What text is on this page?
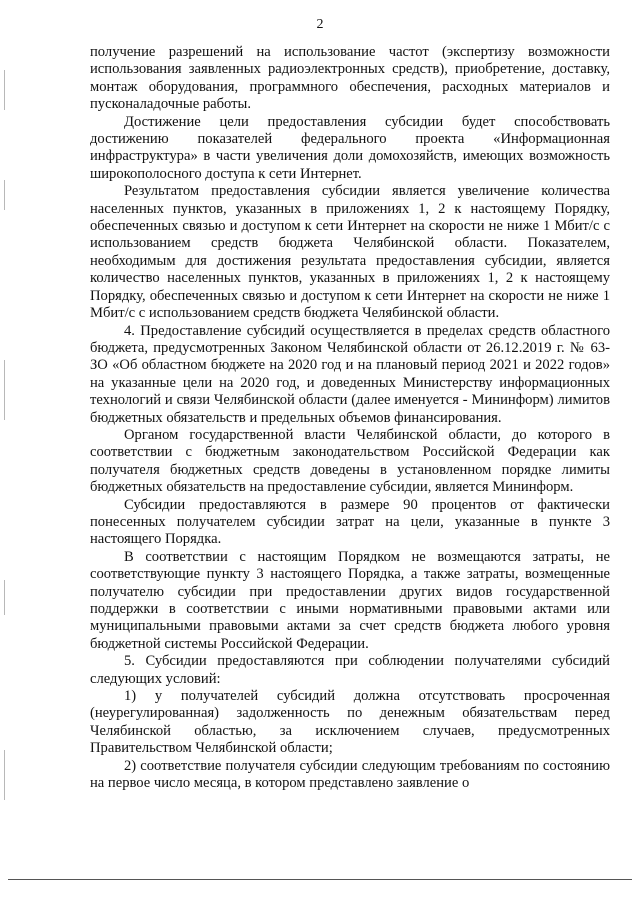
2

получение разрешений на использование частот (экспертизу возможности использования заявленных радиоэлектронных средств), приобретение, доставку, монтаж оборудования, программного обеспечения, расходных материалов и пусконаладочные работы.

Достижение цели предоставления субсидии будет способствовать достижению показателей федерального проекта «Информационная инфраструктура» в части увеличения доли домохозяйств, имеющих возможность широкополосного доступа к сети Интернет.

Результатом предоставления субсидии является увеличение количества населенных пунктов, указанных в приложениях 1, 2 к настоящему Порядку, обеспеченных связью и доступом к сети Интернет на скорости не ниже 1 Мбит/с с использованием средств бюджета Челябинской области. Показателем, необходимым для достижения результата предоставления субсидии, является количество населенных пунктов, указанных в приложениях 1, 2 к настоящему Порядку, обеспеченных связью и доступом к сети Интернет на скорости не ниже 1 Мбит/с с использованием средств бюджета Челябинской области.

4. Предоставление субсидий осуществляется в пределах средств областного бюджета, предусмотренных Законом Челябинской области от 26.12.2019 г. № 63-ЗО «Об областном бюджете на 2020 год и на плановый период 2021 и 2022 годов» на указанные цели на 2020 год, и доведенных Министерству информационных технологий и связи Челябинской области (далее именуется - Мининформ) лимитов бюджетных обязательств и предельных объемов финансирования.

Органом государственной власти Челябинской области, до которого в соответствии с бюджетным законодательством Российской Федерации как получателя бюджетных средств доведены в установленном порядке лимиты бюджетных обязательств на предоставление субсидии, является Мининформ.

Субсидии предоставляются в размере 90 процентов от фактически понесенных получателем субсидии затрат на цели, указанные в пункте 3 настоящего Порядка.

В соответствии с настоящим Порядком не возмещаются затраты, не соответствующие пункту 3 настоящего Порядка, а также затраты, возмещенные получателю субсидии при предоставлении других видов государственной поддержки в соответствии с иными нормативными правовыми актами или муниципальными правовыми актами за счет средств бюджета любого уровня бюджетной системы Российской Федерации.

5. Субсидии предоставляются при соблюдении получателями субсидий следующих условий:

1) у получателей субсидий должна отсутствовать просроченная (неурегулированная) задолженность по денежным обязательствам перед Челябинской областью, за исключением случаев, предусмотренных Правительством Челябинской области;

2) соответствие получателя субсидии следующим требованиям по состоянию на первое число месяца, в котором представлено заявление о
